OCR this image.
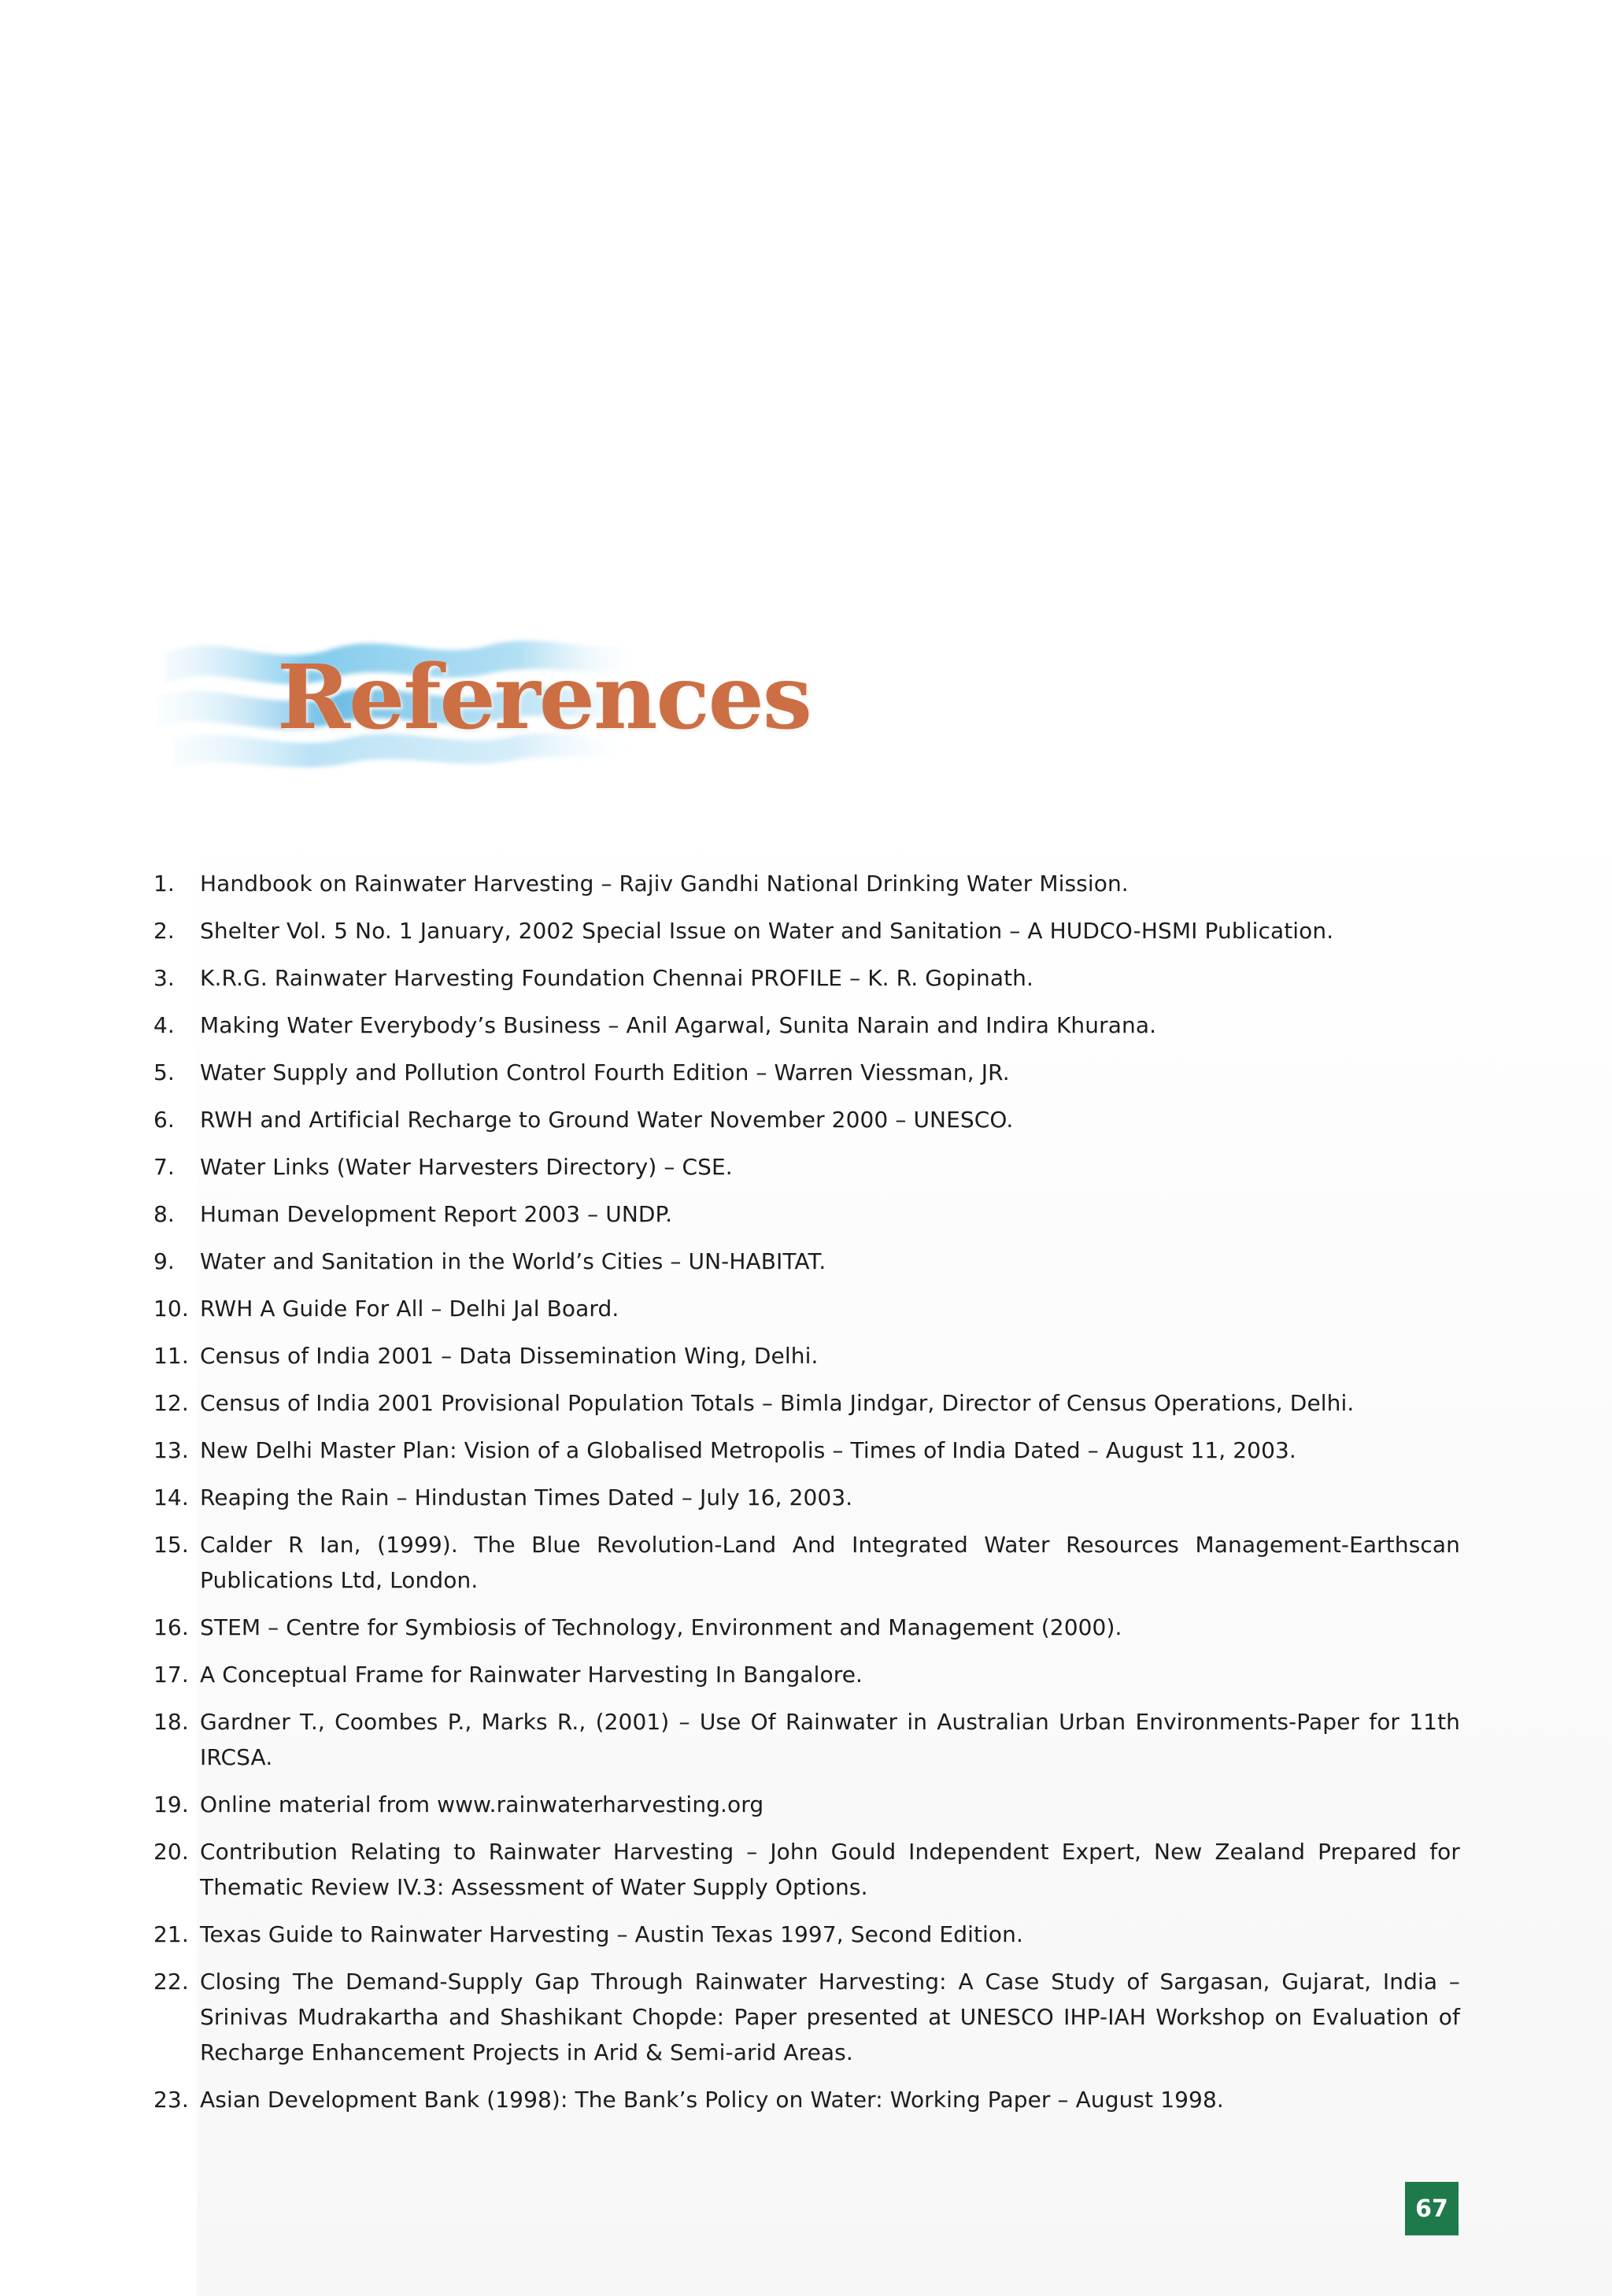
References
1. Handbook on Rainwater Harvesting – Rajiv Gandhi National Drinking Water Mission.
2. Shelter Vol. 5 No. 1 January, 2002 Special Issue on Water and Sanitation – A HUDCO-HSMI Publication.
3. K.R.G. Rainwater Harvesting Foundation Chennai PROFILE – K. R. Gopinath.
4. Making Water Everybody’s Business – Anil Agarwal, Sunita Narain and Indira Khurana.
5. Water Supply and Pollution Control Fourth Edition – Warren Viessman, JR.
6. RWH and Artificial Recharge to Ground Water November 2000 – UNESCO.
7. Water Links (Water Harvesters Directory) – CSE.
8. Human Development Report 2003 – UNDP.
9. Water and Sanitation in the World’s Cities – UN-HABITAT.
10. RWH A Guide For All – Delhi Jal Board.
11. Census of India 2001 – Data Dissemination Wing, Delhi.
12. Census of India 2001 Provisional Population Totals – Bimla Jindgar, Director of Census Operations, Delhi.
13. New Delhi Master Plan: Vision of a Globalised Metropolis – Times of India Dated – August 11, 2003.
14. Reaping the Rain – Hindustan Times Dated – July 16, 2003.
15. Calder R Ian, (1999). The Blue Revolution-Land And Integrated Water Resources Management-Earthscan Publications Ltd, London.
16. STEM – Centre for Symbiosis of Technology, Environment and Management (2000).
17. A Conceptual Frame for Rainwater Harvesting In Bangalore.
18. Gardner T., Coombes P., Marks R., (2001) – Use Of Rainwater in Australian Urban Environments-Paper for 11th IRCSA.
19. Online material from www.rainwaterharvesting.org
20. Contribution Relating to Rainwater Harvesting – John Gould Independent Expert, New Zealand Prepared for Thematic Review IV.3: Assessment of Water Supply Options.
21. Texas Guide to Rainwater Harvesting – Austin Texas 1997, Second Edition.
22. Closing The Demand-Supply Gap Through Rainwater Harvesting: A Case Study of Sargasan, Gujarat, India – Srinivas Mudrakartha and Shashikant Chopde: Paper presented at UNESCO IHP-IAH Workshop on Evaluation of Recharge Enhancement Projects in Arid & Semi-arid Areas.
23. Asian Development Bank (1998): The Bank’s Policy on Water: Working Paper – August 1998.
67
